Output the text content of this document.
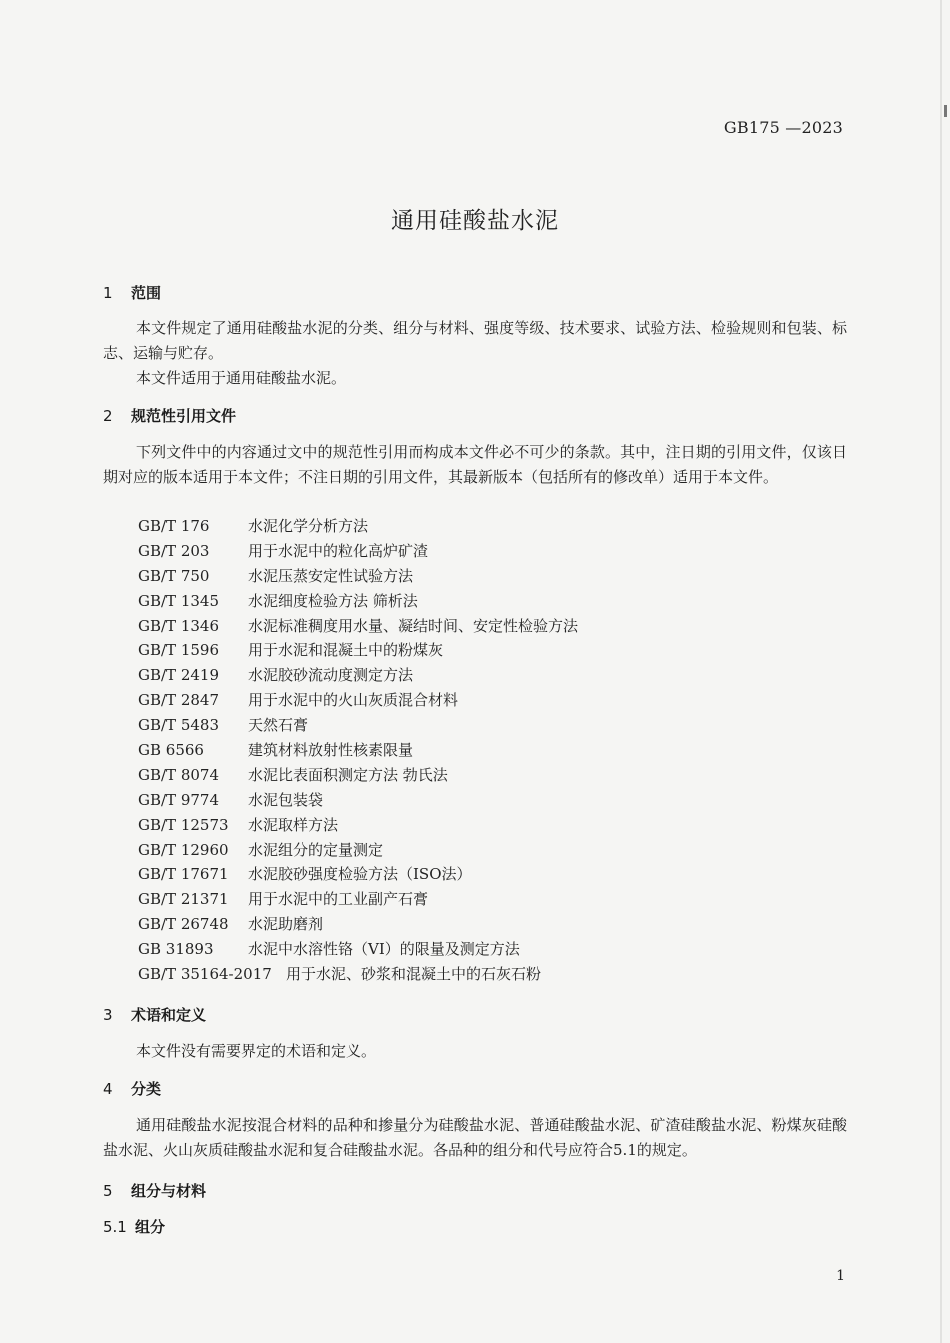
GB175 —2023
通用硅酸盐水泥
1 范围
本文件规定了通用硅酸盐水泥的分类、组分与材料、强度等级、技术要求、试验方法、检验规则和包装、标志、运输与贮存。
本文件适用于通用硅酸盐水泥。
2 规范性引用文件
下列文件中的内容通过文中的规范性引用而构成本文件必不可少的条款。其中，注日期的引用文件，仅该日期对应的版本适用于本文件；不注日期的引用文件，其最新版本（包括所有的修改单）适用于本文件。
GB/T 176	水泥化学分析方法
GB/T 203	用于水泥中的粒化高炉矿渣
GB/T 750	水泥压蒸安定性试验方法
GB/T 1345 水泥细度检验方法 筛析法
GB/T 1346 水泥标准稠度用水量、凝结时间、安定性检验方法
GB/T 1596 用于水泥和混凝土中的粉煤灰
GB/T 2419 水泥胶砂流动度测定方法
GB/T 2847 用于水泥中的火山灰质混合材料
GB/T 5483 天然石膏
GB 6566	建筑材料放射性核素限量
GB/T 8074 水泥比表面积测定方法 勃氏法
GB/T 9774 水泥包装袋
GB/T 12573 水泥取样方法
GB/T 12960 水泥组分的定量测定
GB/T 17671 水泥胶砂强度检验方法（ISO法）
GB/T 21371 用于水泥中的工业副产石膏
GB/T 26748 水泥助磨剂
GB 31893 水泥中水溶性铬（VI）的限量及测定方法
GB/T 35164-2017 用于水泥、砂浆和混凝土中的石灰石粉
3 术语和定义
本文件没有需要界定的术语和定义。
4 分类
通用硅酸盐水泥按混合材料的品种和掺量分为硅酸盐水泥、普通硅酸盐水泥、矿渣硅酸盐水泥、粉煤灰硅酸盐水泥、火山灰质硅酸盐水泥和复合硅酸盐水泥。各品种的组分和代号应符合5.1的规定。
5 组分与材料
5.1 组分
1
